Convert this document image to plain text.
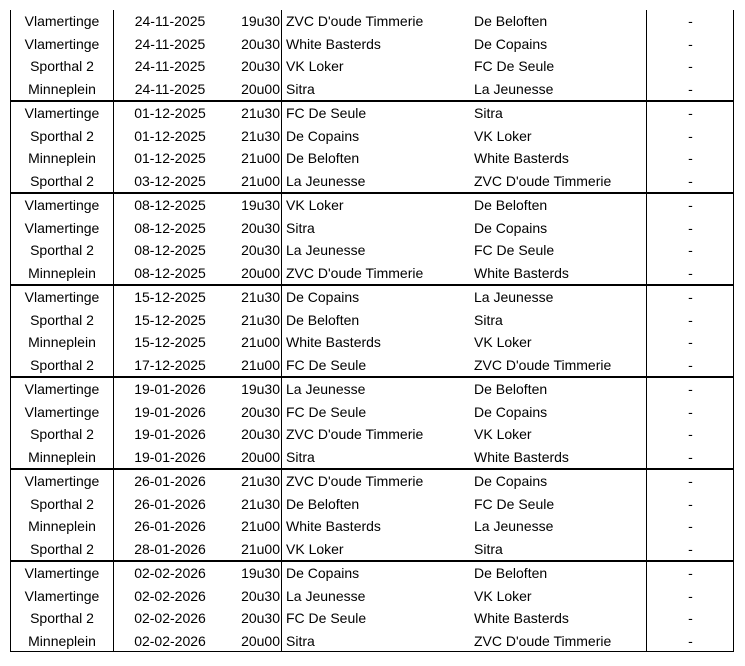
Vlamertinge	24-11-2025	19u30 ZVC D'oude Timmerie	De Beloften	-
Vlamertinge	24-11-2025	20u30 White Basterds	De Copains	-
Sporthal 2	24-11-2025	20u30 VK Loker	FC De Seule	-
Minneplein	24-11-2025	20u00 Sitra	La Jeunesse	-
Vlamertinge	01-12-2025	21u30 FC De Seule	Sitra	-
Sporthal 2	01-12-2025	21u30 De Copains	VK Loker	-
Minneplein	01-12-2025	21u00 De Beloften	White Basterds	-
Sporthal 2	03-12-2025	21u00 La Jeunesse	ZVC D'oude Timmerie	-
Vlamertinge	08-12-2025	19u30 VK Loker	De Beloften	-
Vlamertinge	08-12-2025	20u30 Sitra	De Copains	-
Sporthal 2	08-12-2025	20u30 La Jeunesse	FC De Seule	-
Minneplein	08-12-2025	20u00 ZVC D'oude Timmerie	White Basterds	-
Vlamertinge	15-12-2025	21u30 De Copains	La Jeunesse	-
Sporthal 2	15-12-2025	21u30 De Beloften	Sitra	-
Minneplein	15-12-2025	21u00 White Basterds	VK Loker	-
Sporthal 2	17-12-2025	21u00 FC De Seule	ZVC D'oude Timmerie	-
Vlamertinge	19-01-2026	19u30 La Jeunesse	De Beloften	-
Vlamertinge	19-01-2026	20u30 FC De Seule	De Copains	-
Sporthal 2	19-01-2026	20u30 ZVC D'oude Timmerie	VK Loker	-
Minneplein	19-01-2026	20u00 Sitra	White Basterds	-
Vlamertinge	26-01-2026	21u30 ZVC D'oude Timmerie	De Copains	-
Sporthal 2	26-01-2026	21u30 De Beloften	FC De Seule	-
Minneplein	26-01-2026	21u00 White Basterds	La Jeunesse	-
Sporthal 2	28-01-2026	21u00 VK Loker	Sitra	-
Vlamertinge	02-02-2026	19u30 De Copains	De Beloften	-
Vlamertinge	02-02-2026	20u30 La Jeunesse	VK Loker	-
Sporthal 2	02-02-2026	20u30 FC De Seule	White Basterds	-
Minneplein	02-02-2026	20u00 Sitra	ZVC D'oude Timmerie	-
